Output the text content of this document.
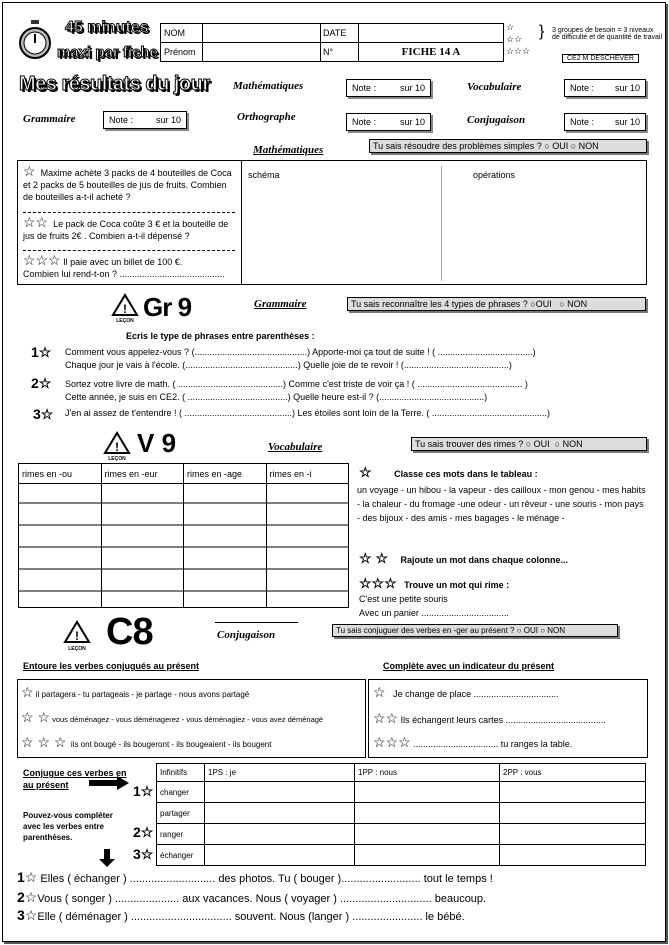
45 minutes
maxi par fiche
NOM		DATE	
Prénom		N°	FICHE 14 A
☆
☆☆
☆☆☆
} 3 groupes de besoin = 3 niveaux de difficulté et de quantité de travail
CE2 M DESCHEVER
Mes résultats du jour Mathématiques	Note :	sur 10	Vocabulaire	Note : sur 10
Grammaire	Note :	sur 10	Orthographe	Note :	sur 10	Conjugaison	Note : sur 10
Mathématiques	Tu sais résoudre des problèmes simples ? ○ OUI ○ NON
☆ Maxime achète 3 packs de 4 bouteilles de Coca et 2 packs de 5 bouteilles de jus de fruits. Combien de bouteilles a-t-il acheté ?
☆☆ Le pack de Coca coûte 3 € et la bouteille de jus de fruits 2€ . Combien a-t-il dépensé ?
☆☆☆ Il paie avec un billet de 100 €.
Combien lui rend-t-on ? ..........................................
schéma	opérations
!
LEÇON Gr 9	Grammaire	Tu sais reconnaître les 4 types de phrases ? ○OUI   ○ NON
Ecris le type de phrases entre parenthèses :
1☆ Comment vous appelez-vous ? (.............................................) Apporte-moi ça tout de suite ! ( ......................................)
Chaque jour je vais à l'école. (.............................................) Quelle joie de te revoir ! (..........................................)
2☆ Sortez votre livre de math. ( ..........................................) Comme c'est triste de voir ça ! ( .......................................... )
Cette année, je suis en CE2. ( ........................................) Quelle heure est-il ? (..........................................)
3☆ J'en ai assez de t'entendre ! ( ...........................................) Les étoiles sont loin de la Terre. ( ..............................................)
!
LEÇON
V 9	Vocabulaire	Tu sais trouver des rimes ? ○ OUI  ○ NON
rimes en -ou	rimes en -eur	rimes en -age	rimes en -i
				☆	Classe ces mots dans le tableau :
un voyage - un hibou - la vapeur - des cailloux - mon genou - mes habits - la chaleur - du fromage -une odeur - un rêveur - une souris - mon pays - des bijoux - des amis - mes bagages - le ménage -
☆ ☆ Rajoute un mot dans chaque colonne...
☆☆☆ Trouve un mot qui rime :
C'est une petite souris
Avec un panier ...................................
!
LEÇON C8	Conjugaison	Tu sais conjuguer des verbes en -ger au présent ? ○ OUI ○ NON
Entoure les verbes conjugués au présent	Complète avec un indicateur du présent
☆ il partagera - tu partageais - je partage - nous avons partagé
☆ ☆ vous déménagez - vous déménagerez - vous déménagiez - vous avez déménagé
☆ ☆ ☆ ils ont bougé - ils bougeront - ils bougeaient - ils bougent
☆ Je change de place ..................................
☆☆ Ils échangent leurs cartes ........................................
☆☆☆ .................................. tu ranges la table.
Conjugue ces verbes en au présent
Pouvez-vous compléter avec les verbes entre parenthèses.
1☆
2☆
3☆
Infinitifs	1PS : je	1PP : nous	2PP : vous
changer			
partager			
ranger			
échanger			
1☆ Elles ( échanger ) ............................ des photos. Tu ( bouger ).......................... tout le temps !
2☆Vous ( songer ) ..................... aux vacances. Nous ( voyager ) .............................. beaucoup.
3☆Elle ( déménager ) ................................. souvent. Nous (langer ) ....................... le bébé.
